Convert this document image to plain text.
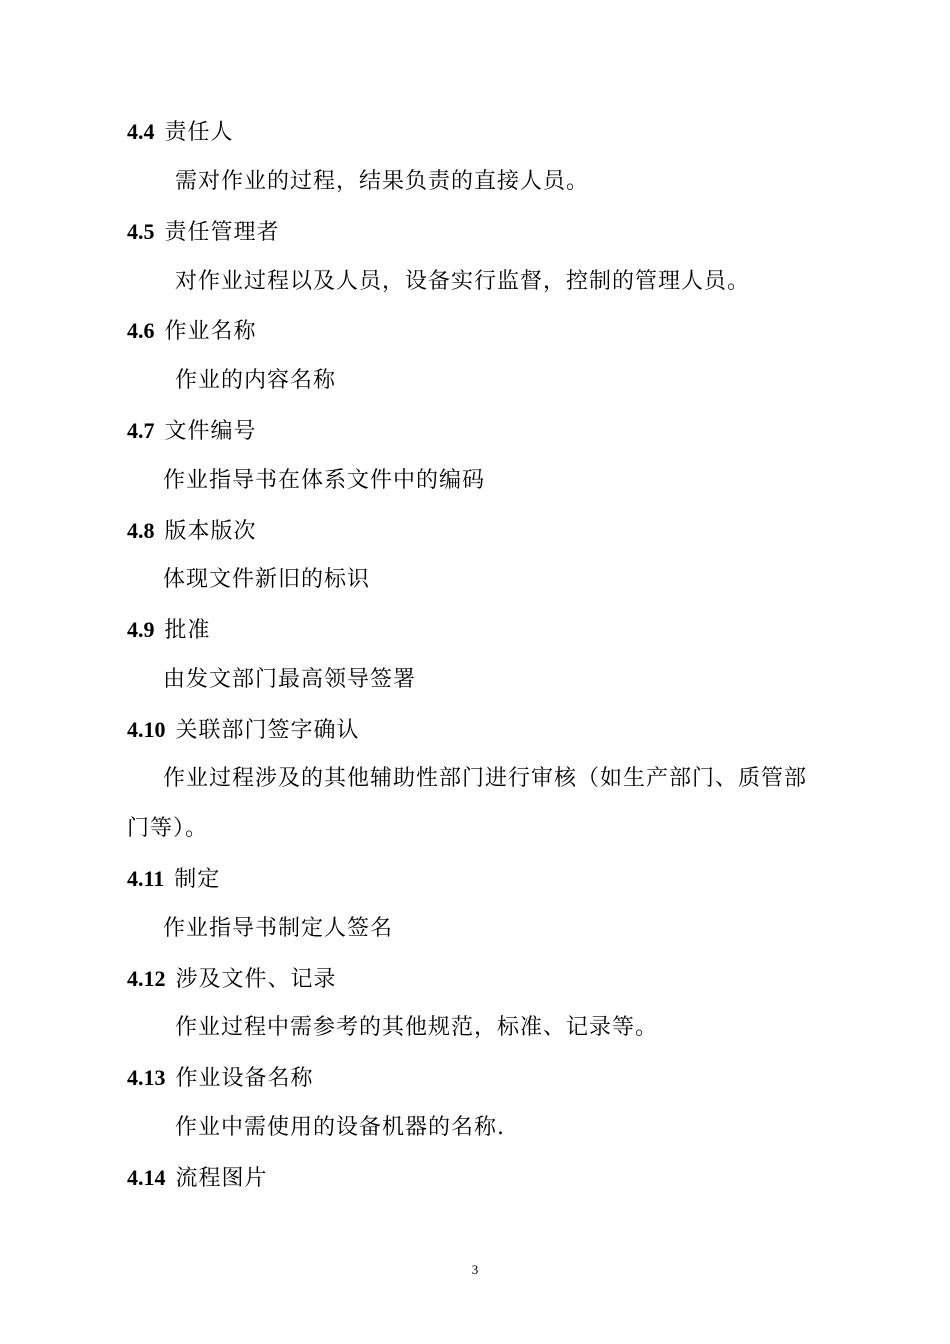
4.4 责任人
需对作业的过程，结果负责的直接人员。
4.5 责任管理者
对作业过程以及人员，设备实行监督，控制的管理人员。
4.6 作业名称
作业的内容名称
4.7 文件编号
作业指导书在体系文件中的编码
4.8 版本版次
体现文件新旧的标识
4.9 批准
由发文部门最高领导签署
4.10 关联部门签字确认
作业过程涉及的其他辅助性部门进行审核（如生产部门、质管部
门等）。
4.11 制定
作业指导书制定人签名
4.12 涉及文件、记录
作业过程中需参考的其他规范，标准、记录等。
4.13 作业设备名称
作业中需使用的设备机器的名称.
4.14 流程图片
3
